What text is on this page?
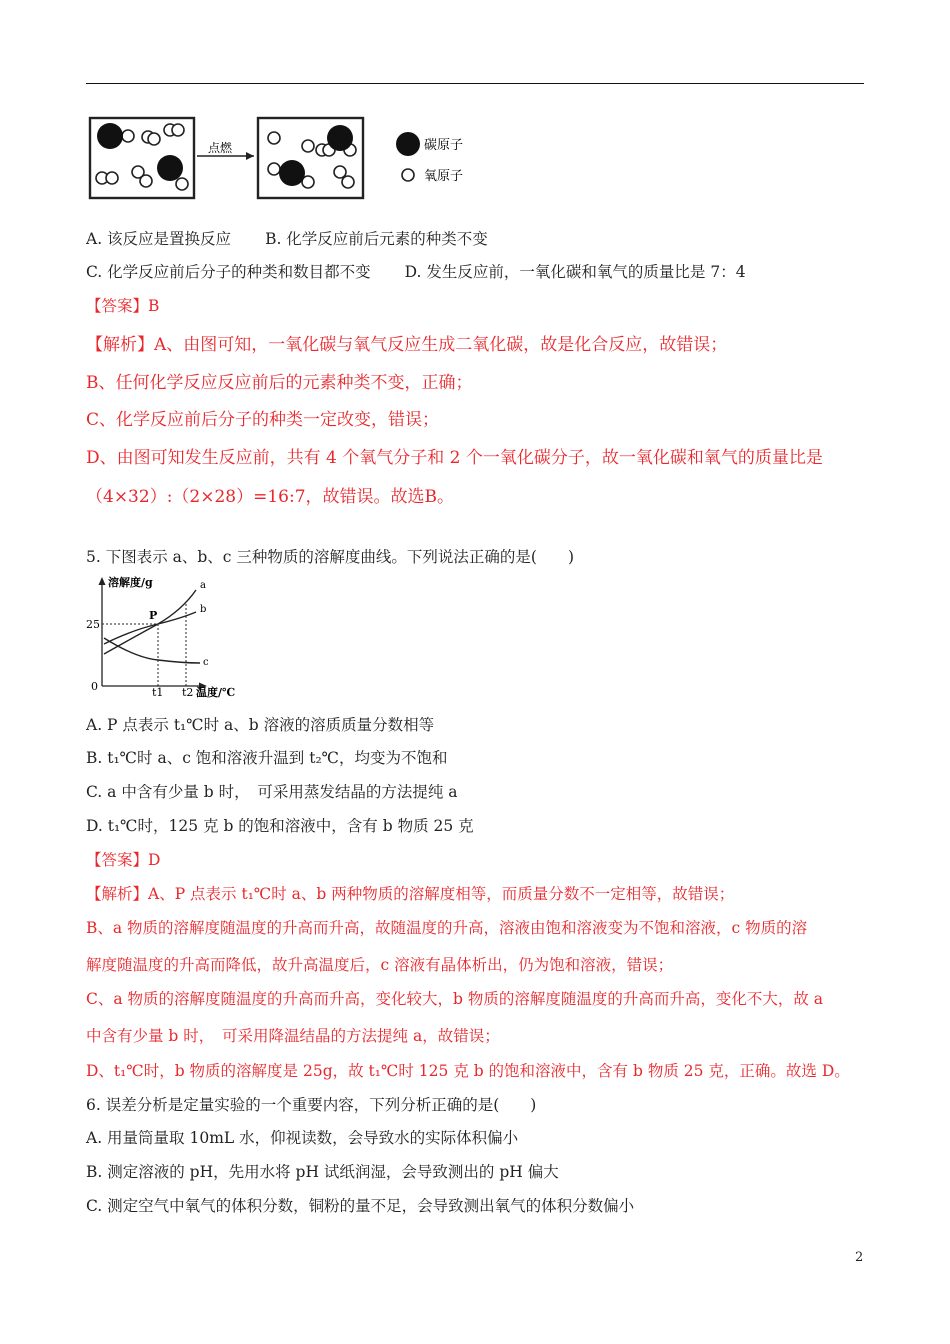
点燃	碳原子
氧原子
A. 该反应是置换反应 B. 化学反应前后元素的种类不变
C. 化学反应前后分子的种类和数目都不变 D. 发生反应前，一氧化碳和氧气的质量比是 7：4
【答案】B
【解析】A、由图可知，一氧化碳与氧气反应生成二氧化碳，故是化合反应，故错误；
B、任何化学反应反应前后的元素种类不变，正确；
C、化学反应前后分子的种类一定改变，错误；
D、由图可知发生反应前，共有 4 个氧气分子和 2 个一氧化碳分子，故一氧化碳和氧气的质量比是
（4×32）:（2×28）=16:7，故错误。故选B。
5. 下图表示 a、b、c 三种物质的溶解度曲线。下列说法正确的是(　　)
溶解度/g
温度/℃
0
25
t1 t2
P
a
b
c
A. P 点表示 t₁℃时 a、b 溶液的溶质质量分数相等
B. t₁℃时 a、c 饱和溶液升温到 t₂℃，均变为不饱和
C. a 中含有少量 b 时，　可采用蒸发结晶的方法提纯 a
D. t₁℃时，125 克 b 的饱和溶液中，含有 b 物质 25 克
【答案】D
【解析】A、P 点表示 t₁℃时 a、b 两种物质的溶解度相等，而质量分数不一定相等，故错误；
B、a 物质的溶解度随温度的升高而升高，故随温度的升高，溶液由饱和溶液变为不饱和溶液，c 物质的溶
解度随温度的升高而降低，故升高温度后，c 溶液有晶体析出，仍为饱和溶液，错误；
C、a 物质的溶解度随温度的升高而升高，变化较大，b 物质的溶解度随温度的升高而升高，变化不大，故 a
中含有少量 b 时，　可采用降温结晶的方法提纯 a，故错误；
D、t₁℃时，b 物质的溶解度是 25g，故 t₁℃时 125 克 b 的饱和溶液中，含有 b 物质 25 克，正确。故选 D。
6. 误差分析是定量实验的一个重要内容，下列分析正确的是(　　)
A. 用量筒量取 10mL 水，仰视读数，会导致水的实际体积偏小
B. 测定溶液的 pH，先用水将 pH 试纸润湿，会导致测出的 pH 偏大
C. 测定空气中氧气的体积分数，铜粉的量不足，会导致测出氧气的体积分数偏小
2
